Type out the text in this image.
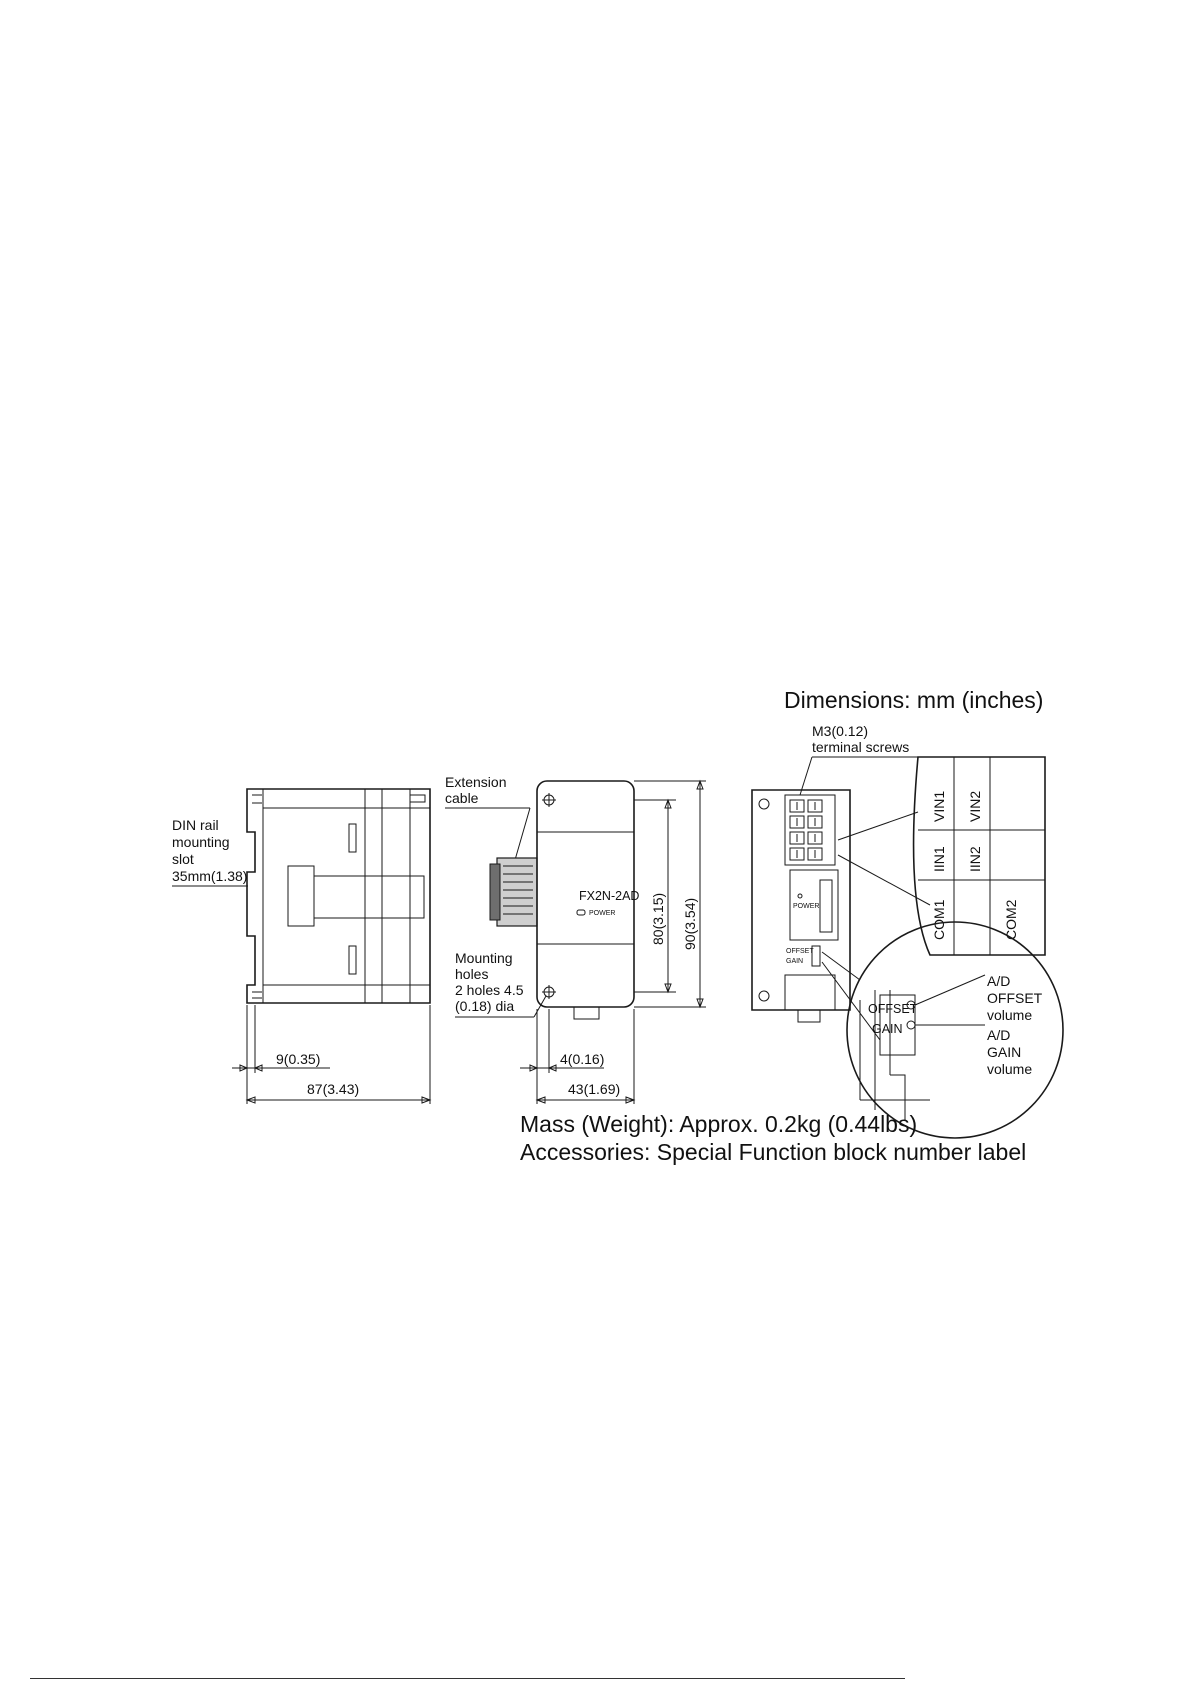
Dimensions: mm (inches)
DIN rail
mounting
slot
35mm(1.38)
9(0.35)
87(3.43)
Extension
cable
FX2N-2AD
POWER
Mounting
holes
2 holes 4.5
(0.18) dia
80(3.15) 90(3.54)
4(0.16)
43(1.69)
M3(0.12)
terminal screws
POWER
OFFSET
GAIN
VIN1
IIN1
VIN2
IIN2
COM1	COM2
OFFSET
GAIN
A/D
OFFSET
volume
A/D
GAIN
volume
Mass (Weight): Approx. 0.2kg (0.44lbs)
Accessories: Special Function block number label
